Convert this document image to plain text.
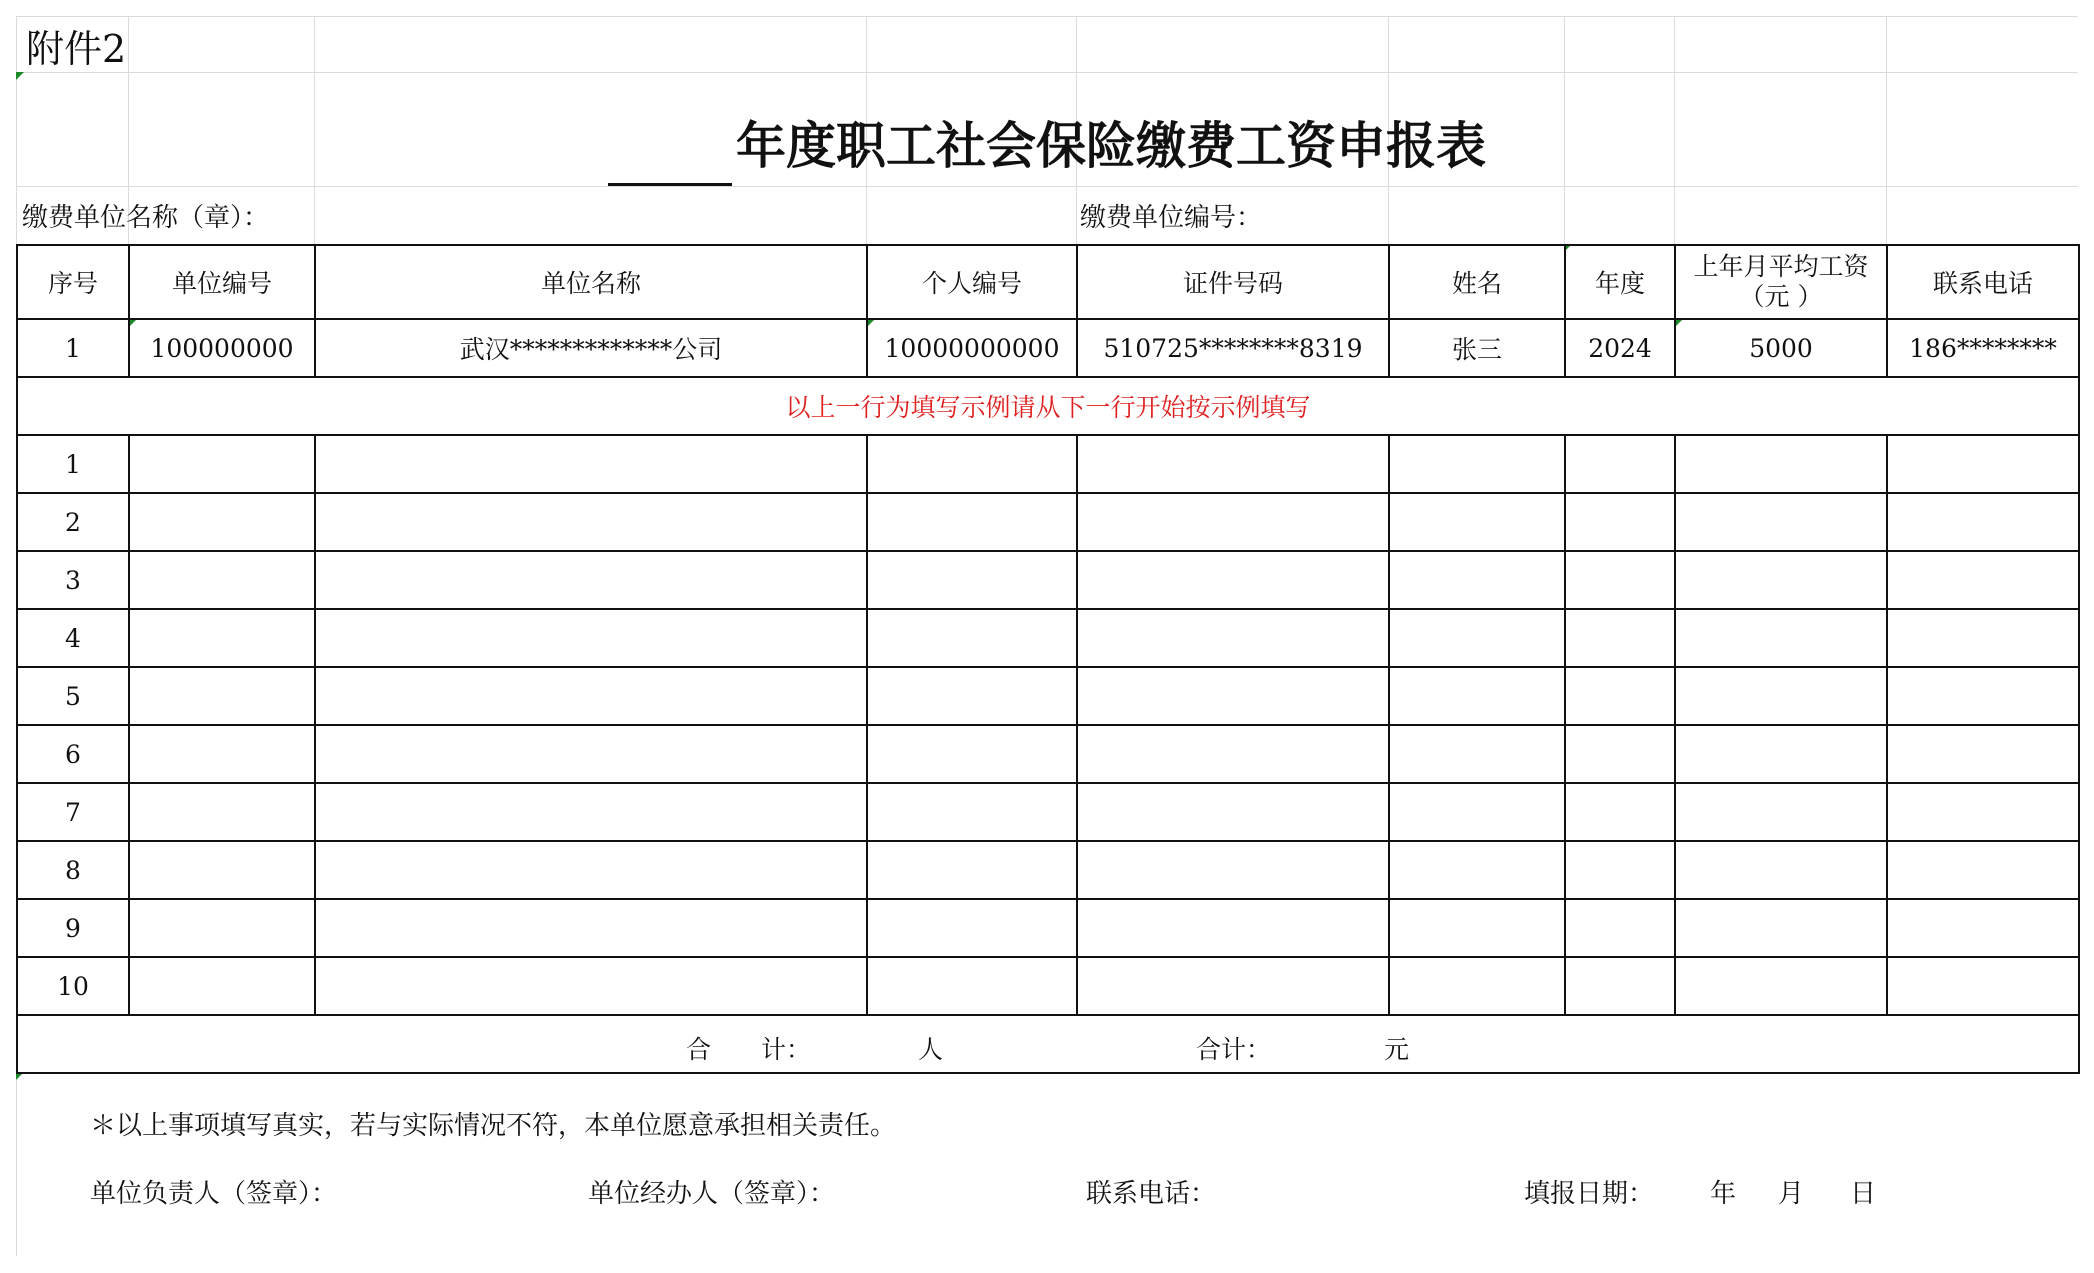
附件2
年度职工社会保险缴费工资申报表
缴费单位名称（章）：	缴费单位编号：
序号	单位编号	单位名称	个人编号	证件号码	姓名	年度	上年月平均工资（元 ）	联系电话
1	100000000	武汉*************公司	10000000000	510725********8319	张三	2024	5000	186********
以上一行为填写示例请从下一行开始按示例填写								
1								
2								
3								
4								
5								
6								
7								
8								
9								
10								

合　　计： 人 合计： 元								
＊以上事项填写真实，若与实际情况不符，本单位愿意承担相关责任。
单位负责人（签章）：	单位经办人（签章）：	联系电话：	填报日期： 年 月 日
